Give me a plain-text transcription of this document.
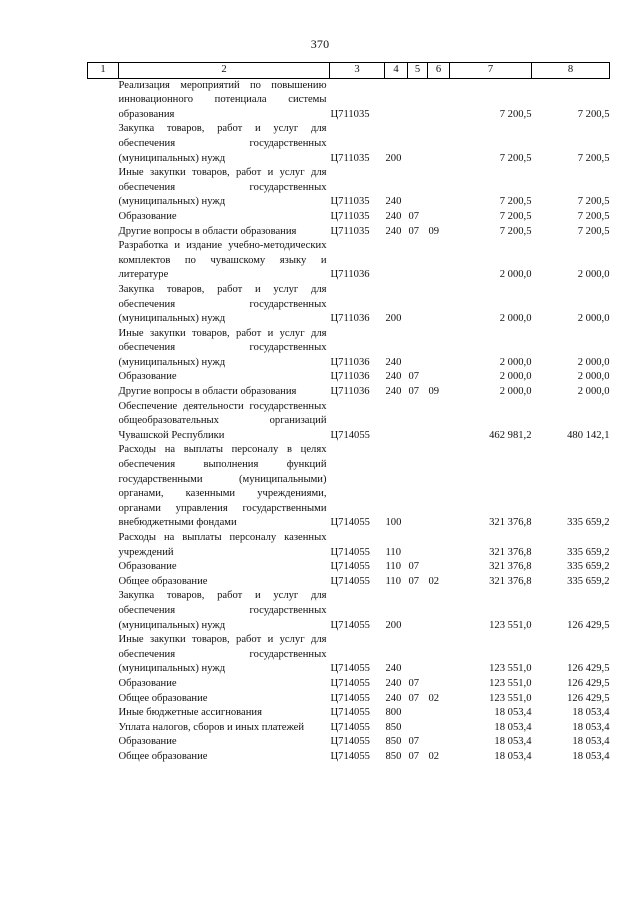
370
1	2	3	4	5	6	7	8
	Реализация мероприятий по повышению инновационного потенциала системы образования	Ц711035				7 200,5	7 200,5
	Закупка товаров, работ и услуг для обеспечения государственных (муниципальных) нужд	Ц711035	200			7 200,5	7 200,5
	Иные закупки товаров, работ и услуг для обеспечения государственных (муниципальных) нужд	Ц711035	240			7 200,5	7 200,5
	Образование	Ц711035	240	07		7 200,5	7 200,5
	Другие вопросы в области образования	Ц711035	240	07	09	7 200,5	7 200,5
	Разработка и издание учебно-методических комплектов по чувашскому языку и литературе	Ц711036				2 000,0	2 000,0
	Закупка товаров, работ и услуг для обеспечения государственных (муниципальных) нужд	Ц711036	200			2 000,0	2 000,0
	Иные закупки товаров, работ и услуг для обеспечения государственных (муниципальных) нужд	Ц711036	240			2 000,0	2 000,0
	Образование	Ц711036	240	07		2 000,0	2 000,0
	Другие вопросы в области образования	Ц711036	240	07	09	2 000,0	2 000,0
	Обеспечение деятельности государственных общеобразовательных организаций Чувашской Республики	Ц714055				462 981,2	480 142,1
	Расходы на выплаты персоналу в целях обеспечения выполнения функций государственными (муниципальными) органами, казенными учреждениями, органами управления государственными внебюджетными фондами	Ц714055	100			321 376,8	335 659,2
	Расходы на выплаты персоналу казенных учреждений	Ц714055	110			321 376,8	335 659,2
	Образование	Ц714055	110	07		321 376,8	335 659,2
	Общее образование	Ц714055	110	07	02	321 376,8	335 659,2
	Закупка товаров, работ и услуг для обеспечения государственных (муниципальных) нужд	Ц714055	200			123 551,0	126 429,5
	Иные закупки товаров, работ и услуг для обеспечения государственных (муниципальных) нужд	Ц714055	240			123 551,0	126 429,5
	Образование	Ц714055	240	07		123 551,0	126 429,5
	Общее образование	Ц714055	240	07	02	123 551,0	126 429,5
	Иные бюджетные ассигнования	Ц714055	800			18 053,4	18 053,4
	Уплата налогов, сборов и иных платежей	Ц714055	850			18 053,4	18 053,4
	Образование	Ц714055	850	07		18 053,4	18 053,4
	Общее образование	Ц714055	850	07	02	18 053,4	18 053,4
